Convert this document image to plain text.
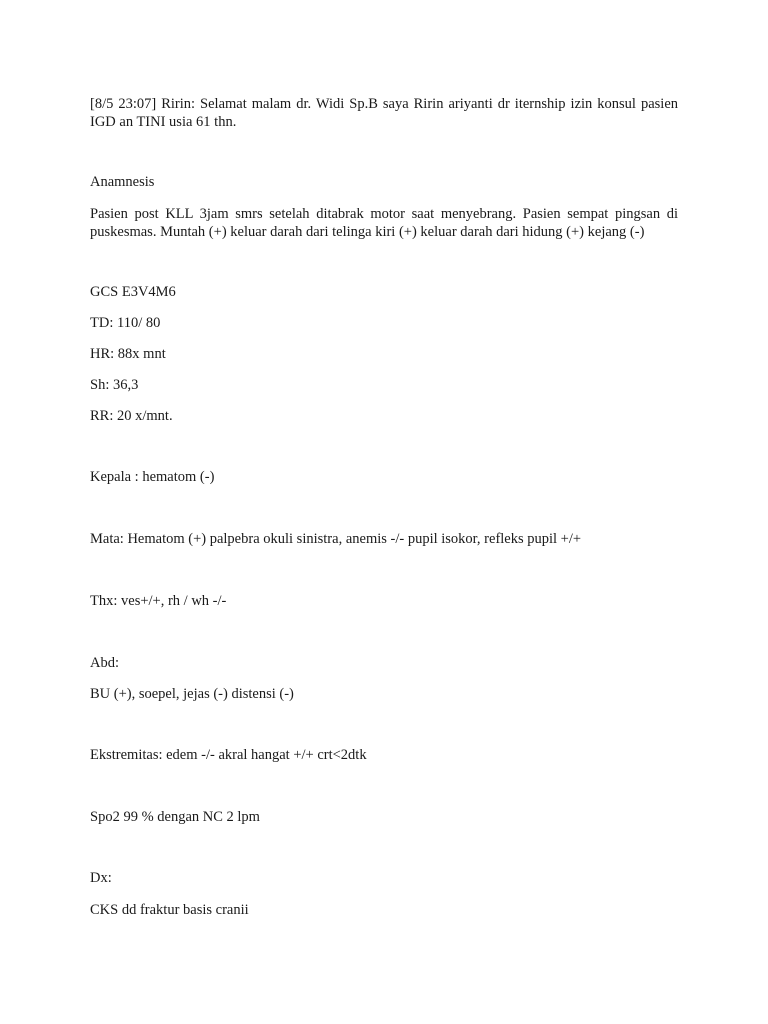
[8/5 23:07] Ririn: Selamat malam dr. Widi Sp.B saya Ririn ariyanti dr iternship izin konsul pasien IGD an TINI usia 61 thn.
Anamnesis
Pasien post KLL 3jam smrs setelah ditabrak motor saat menyebrang. Pasien sempat pingsan di puskesmas. Muntah (+) keluar darah dari telinga kiri (+) keluar darah dari hidung (+) kejang (-)
GCS E3V4M6
TD: 110/ 80
HR: 88x mnt
Sh: 36,3
RR: 20 x/mnt.
Kepala : hematom (-)
Mata: Hematom (+) palpebra okuli sinistra, anemis -/- pupil isokor, refleks pupil +/+
Thx: ves+/+, rh / wh -/-
Abd:
BU (+), soepel, jejas (-) distensi (-)
Ekstremitas: edem -/- akral hangat +/+ crt<2dtk
Spo2 99 % dengan NC 2 lpm
Dx:
CKS dd fraktur basis cranii
